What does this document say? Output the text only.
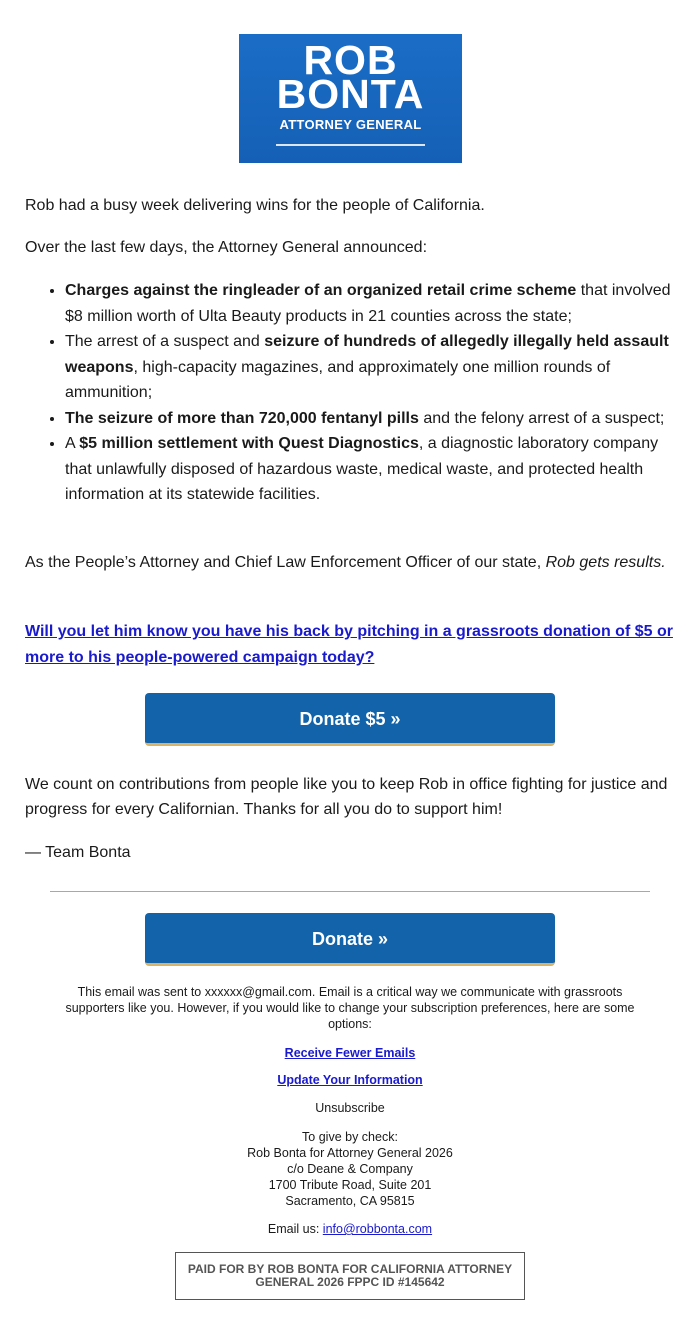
ROB
BONTA
ATTORNEY GENERAL

Rob had a busy week delivering wins for the people of California.

Over the last few days, the Attorney General announced:

• Charges against the ringleader of an organized retail crime scheme that involved $8 million worth of Ulta Beauty products in 21 counties across the state;
• The arrest of a suspect and seizure of hundreds of allegedly illegally held assault weapons, high-capacity magazines, and approximately one million rounds of ammunition;
• The seizure of more than 720,000 fentanyl pills and the felony arrest of a suspect;
• A $5 million settlement with Quest Diagnostics, a diagnostic laboratory company that unlawfully disposed of hazardous waste, medical waste, and protected health information at its statewide facilities.

As the People’s Attorney and Chief Law Enforcement Officer of our state, Rob gets results.

Will you let him know you have his back by pitching in a grassroots donation of $5 or more to his people-powered campaign today?
Donate $5 »

We count on contributions from people like you to keep Rob in office fighting for justice and progress for every Californian. Thanks for all you do to support him!

— Team Bonta

Donate »
This email was sent to xxxxxx@gmail.com. Email is a critical way we communicate with grassroots supporters like you. However, if you would like to change your subscription preferences, here are some options:
Receive Fewer Emails
Update Your Information
Unsubscribe
To give by check:
Rob Bonta for Attorney General 2026
c/o Deane & Company
1700 Tribute Road, Suite 201
Sacramento, CA 95815
Email us: info@robbonta.com
PAID FOR BY ROB BONTA FOR CALIFORNIA ATTORNEY GENERAL 2026 FPPC ID #145642
